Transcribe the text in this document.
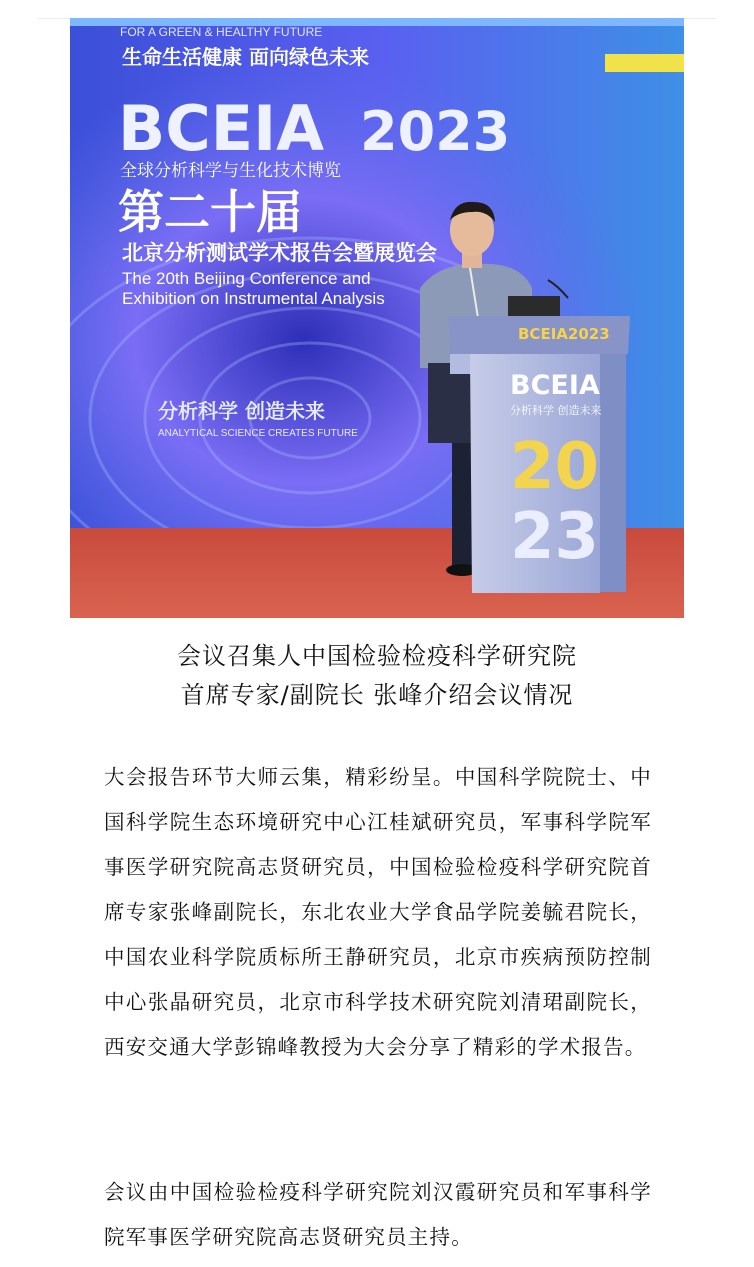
FOR A GREEN & HEALTHY FUTURE
生命生活健康 面向绿色未来
BCEIA 2023
全球分析科学与生化技术博览
第二十届
北京分析测试学术报告会暨展览会
The 20th Beijing Conference and
Exhibition on Instrumental Analysis
分析科学 创造未来
ANALYTICAL SCIENCE CREATES FUTURE
BCEIA2023
BCEIA
分析科学 创造未来
20
23
会议召集人中国检验检疫科学研究院
首席专家/副院长 张峰介绍会议情况
大会报告环节大师云集，精彩纷呈。中国科学院院士、中国科学院生态环境研究中心江桂斌研究员，军事科学院军事医学研究院高志贤研究员，中国检验检疫科学研究院首席专家张峰副院长，东北农业大学食品学院姜毓君院长，中国农业科学院质标所王静研究员，北京市疾病预防控制中心张晶研究员，北京市科学技术研究院刘清珺副院长，西安交通大学彭锦峰教授为大会分享了精彩的学术报告。
会议由中国检验检疫科学研究院刘汉霞研究员和军事科学院军事医学研究院高志贤研究员主持。
